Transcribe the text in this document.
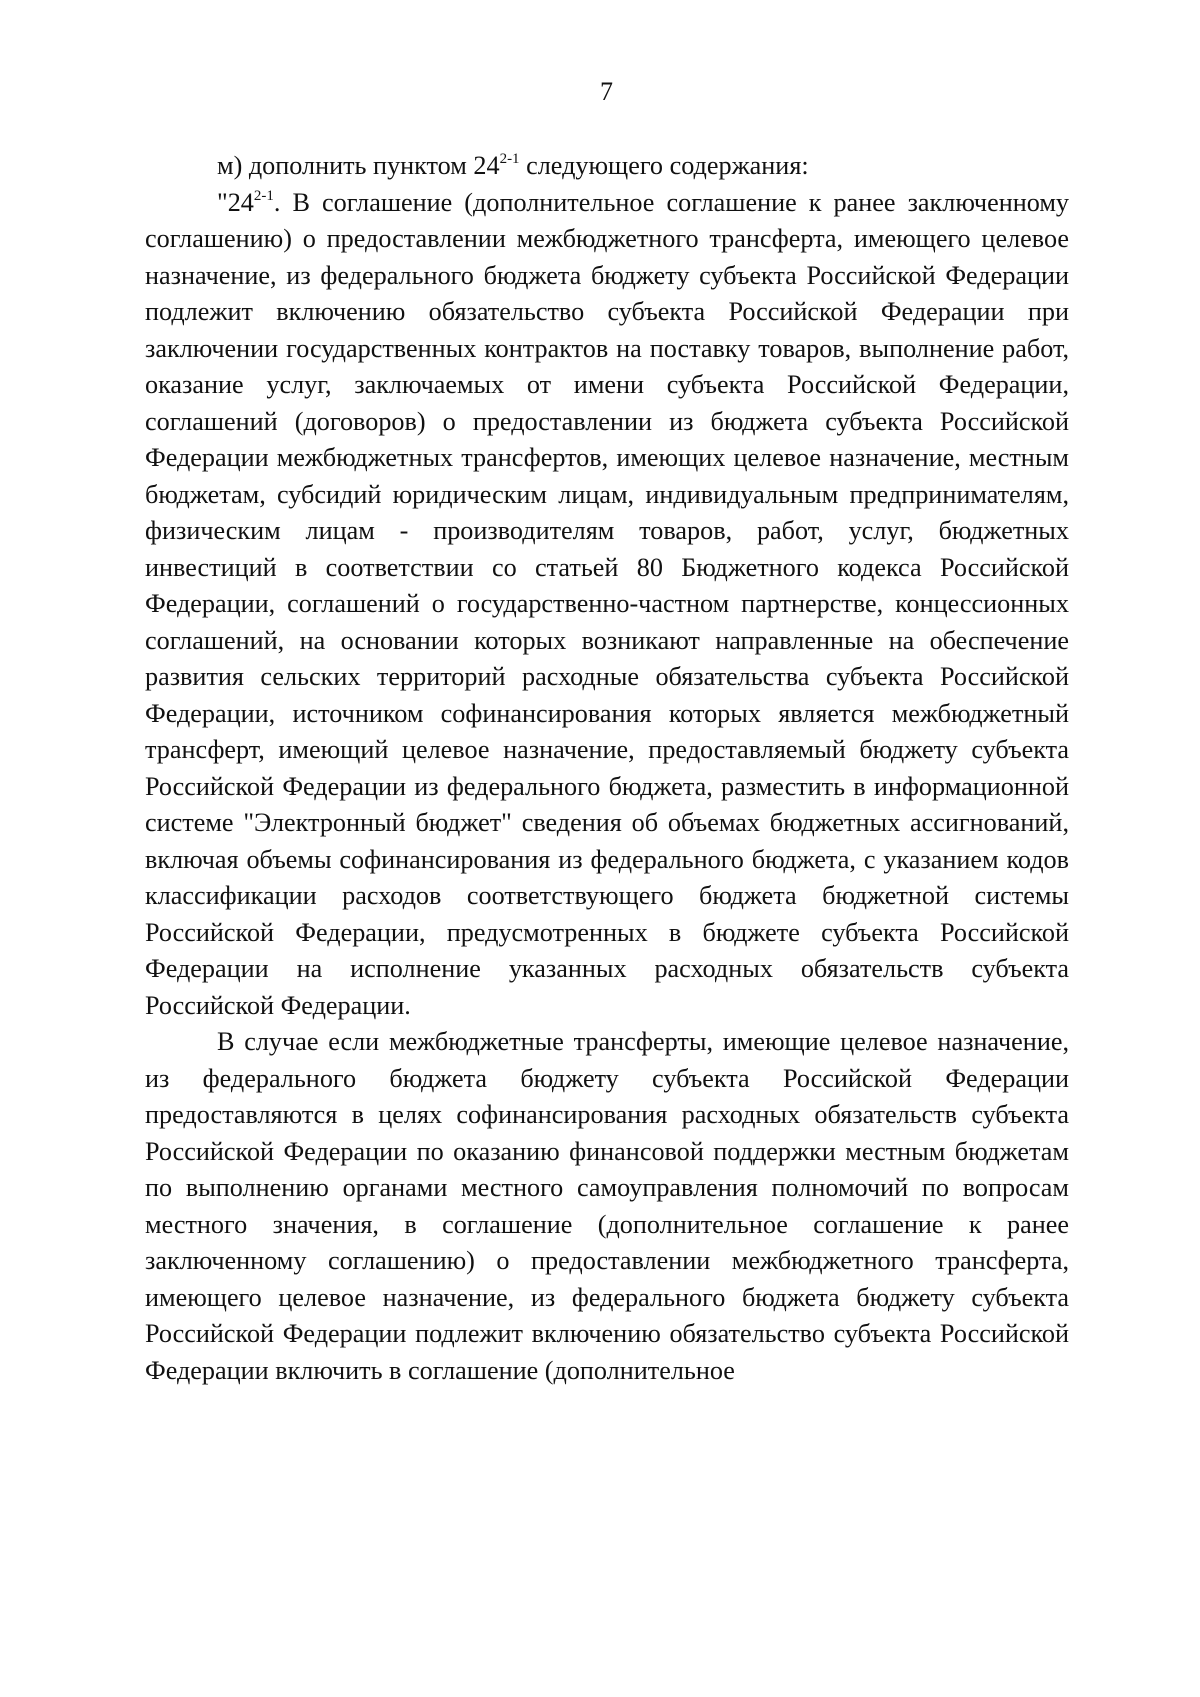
7

м) дополнить пунктом 24$^{2-1}$ следующего содержания:

"24$^{2-1}$. В соглашение (дополнительное соглашение к ранее заключенному соглашению) о предоставлении межбюджетного трансферта, имеющего целевое назначение, из федерального бюджета бюджету субъекта Российской Федерации подлежит включению обязательство субъекта Российской Федерации при заключении государственных контрактов на поставку товаров, выполнение работ, оказание услуг, заключаемых от имени субъекта Российской Федерации, соглашений (договоров) о предоставлении из бюджета субъекта Российской Федерации межбюджетных трансфертов, имеющих целевое назначение, местным бюджетам, субсидий юридическим лицам, индивидуальным предпринимателям, физическим лицам - производителям товаров, работ, услуг, бюджетных инвестиций в соответствии со статьей 80 Бюджетного кодекса Российской Федерации, соглашений о государственно-частном партнерстве, концессионных соглашений, на основании которых возникают направленные на обеспечение развития сельских территорий расходные обязательства субъекта Российской Федерации, источником софинансирования которых является межбюджетный трансферт, имеющий целевое назначение, предоставляемый бюджету субъекта Российской Федерации из федерального бюджета, разместить в информационной системе "Электронный бюджет" сведения об объемах бюджетных ассигнований, включая объемы софинансирования из федерального бюджета, с указанием кодов классификации расходов соответствующего бюджета бюджетной системы Российской Федерации, предусмотренных в бюджете субъекта Российской Федерации на исполнение указанных расходных обязательств субъекта Российской Федерации.

В случае если межбюджетные трансферты, имеющие целевое назначение, из федерального бюджета бюджету субъекта Российской Федерации предоставляются в целях софинансирования расходных обязательств субъекта Российской Федерации по оказанию финансовой поддержки местным бюджетам по выполнению органами местного самоуправления полномочий по вопросам местного значения, в соглашение (дополнительное соглашение к ранее заключенному соглашению) о предоставлении межбюджетного трансферта, имеющего целевое назначение, из федерального бюджета бюджету субъекта Российской Федерации подлежит включению обязательство субъекта Российской Федерации включить в соглашение (дополнительное
